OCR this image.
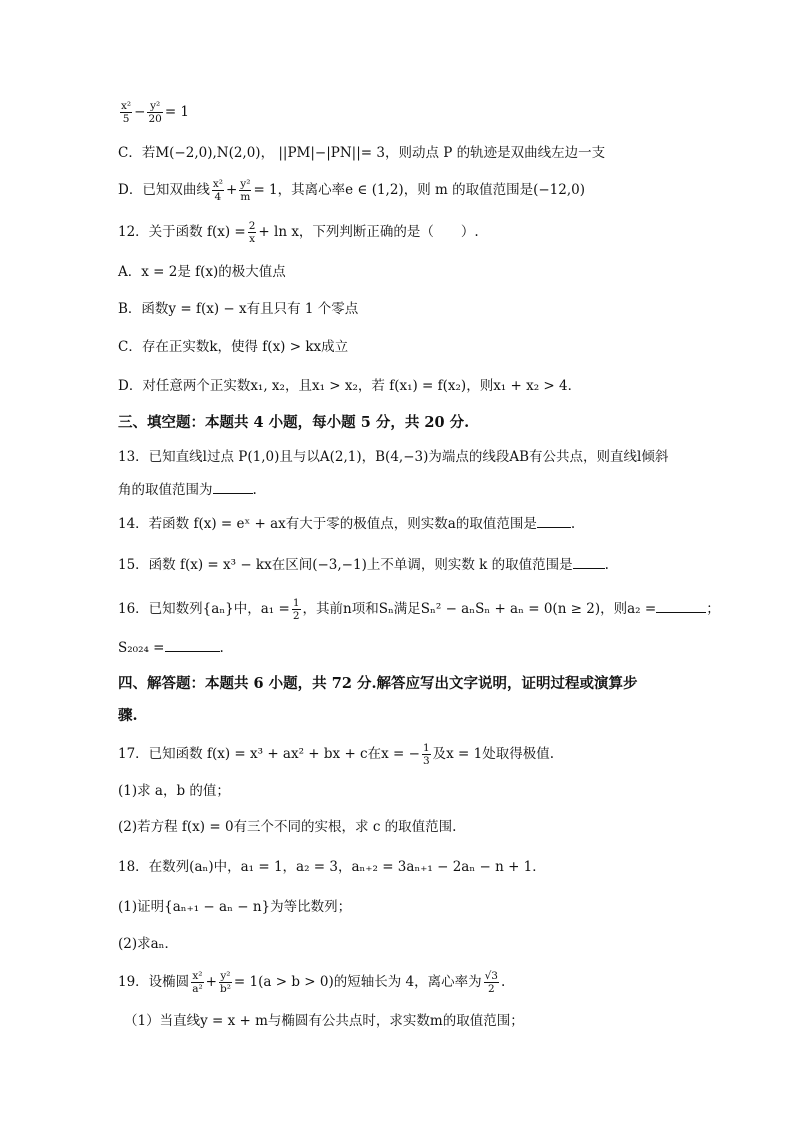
$\frac{\text{x²}}{5} - \frac{\text{y²}}{20} = 1$
C．若M(−2,0),N(2,0)， ||PM|−|PN||= 3，则动点 P 的轨迹是双曲线左边一支
D．已知双曲线 $\frac{\text{x²}}{4} + \frac{\text{y²}}{m} = 1$，其离心率e ∈ (1,2)，则 m 的取值范围是(−12,0)
12．关于函数 $f(x) = \frac{2}{x} + \ln x$，下列判断正确的是（　　）.
A．x = 2是 f(x)的极大值点
B．函数y = f(x) − x有且只有 1 个零点
C．存在正实数k，使得 f(x) > kx成立
D．对任意两个正实数x₁, x₂，且x₁ > x₂，若 f(x₁) = f(x₂)，则x₁ + x₂ > 4．
三、填空题：本题共 4 小题，每小题 5 分，共 20 分.
13．已知直线l过点 P(1,0)且与以A(2,1)，B(4,−3)为端点的线段AB有公共点，则直线l倾斜
角的取值范围为	.
14．若函数 f(x) = eˣ + ax有大于零的极值点，则实数a的取值范围是	.
15．函数 f(x) = x³ − kx在区间(−3,−1)上不单调，则实数 k 的取值范围是 .
16．已知数列{aₙ}中，$a_1 = \frac{1}{2}$ ，其前n项和Sₙ满足Sₙ² − aₙSₙ + aₙ = 0(n ≥ 2)，则a₂ =	；
S₂₀₂₄ =	.
四、解答题：本题共 6 小题，共 72 分.解答应写出文字说明，证明过程或演算步
骤.
17．已知函数 f(x) = x³ + ax² + bx + c在x = − $\frac{1}{3}$ 及x = 1处取得极值.
(1)求 a，b 的值；
(2)若方程 f(x) = 0有三个不同的实根，求 c 的取值范围.
18．在数列(aₙ)中，a₁ = 1，a₂ = 3，aₙ₊₂ = 3aₙ₊₁ − 2aₙ − n + 1．
(1)证明{aₙ₊₁ − aₙ − n}为等比数列；
(2)求aₙ．
19．设椭圆 $\frac{\text{x²}}{\text{a²}} + \frac{\text{y²}}{\text{b²}} = 1(a > b > 0)$的短轴长为 4，离心率为 $\frac{√3}{2}$ .
（1）当直线y = x + m与椭圆有公共点时，求实数m的取值范围；
